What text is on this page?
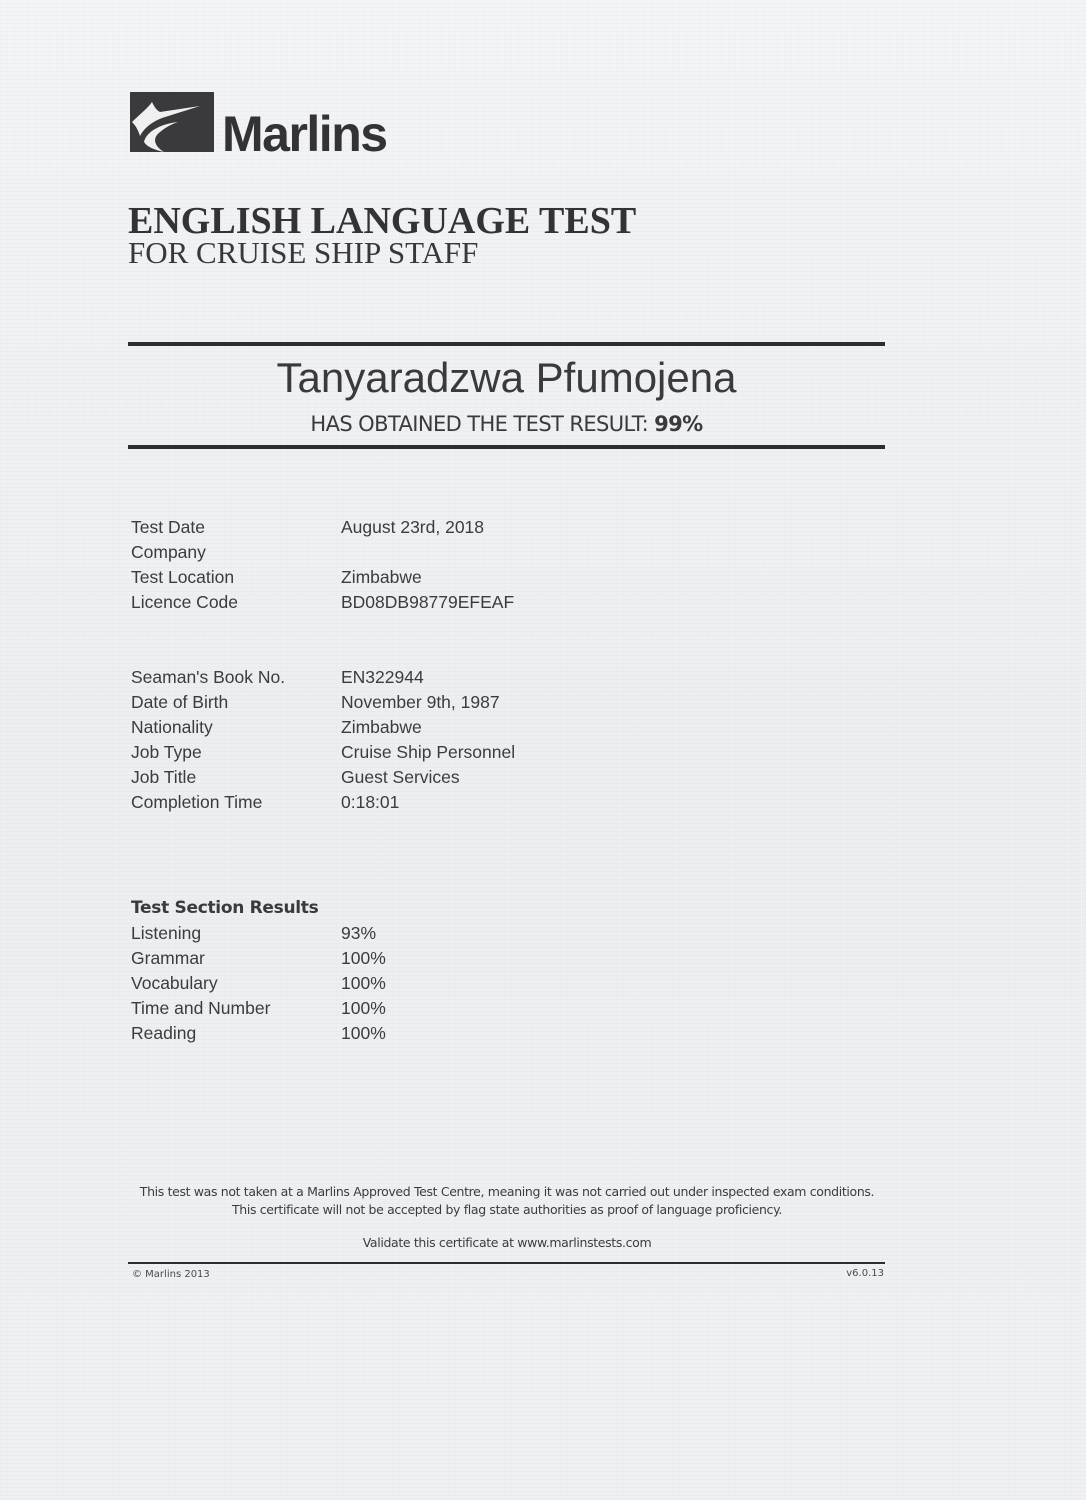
Marlins
ENGLISH LANGUAGE TEST
FOR CRUISE SHIP STAFF
Tanyaradzwa Pfumojena
HAS OBTAINED THE TEST RESULT: 99%
Test Date	August 23rd, 2018
Company
Test Location	Zimbabwe
Licence Code	BD08DB98779EFEAF
Seaman's Book No.	EN322944
Date of Birth	November 9th, 1987
Nationality	Zimbabwe
Job Type	Cruise Ship Personnel
Job Title	Guest Services
Completion Time	0:18:01
Test Section Results
Listening	93%
Grammar	100%
Vocabulary	100%
Time and Number	100%
Reading	100%
This test was not taken at a Marlins Approved Test Centre, meaning it was not carried out under inspected exam conditions.
This certificate will not be accepted by flag state authorities as proof of language proficiency.
Validate this certificate at www.marlinstests.com
© Marlins 2013	v6.0.13
